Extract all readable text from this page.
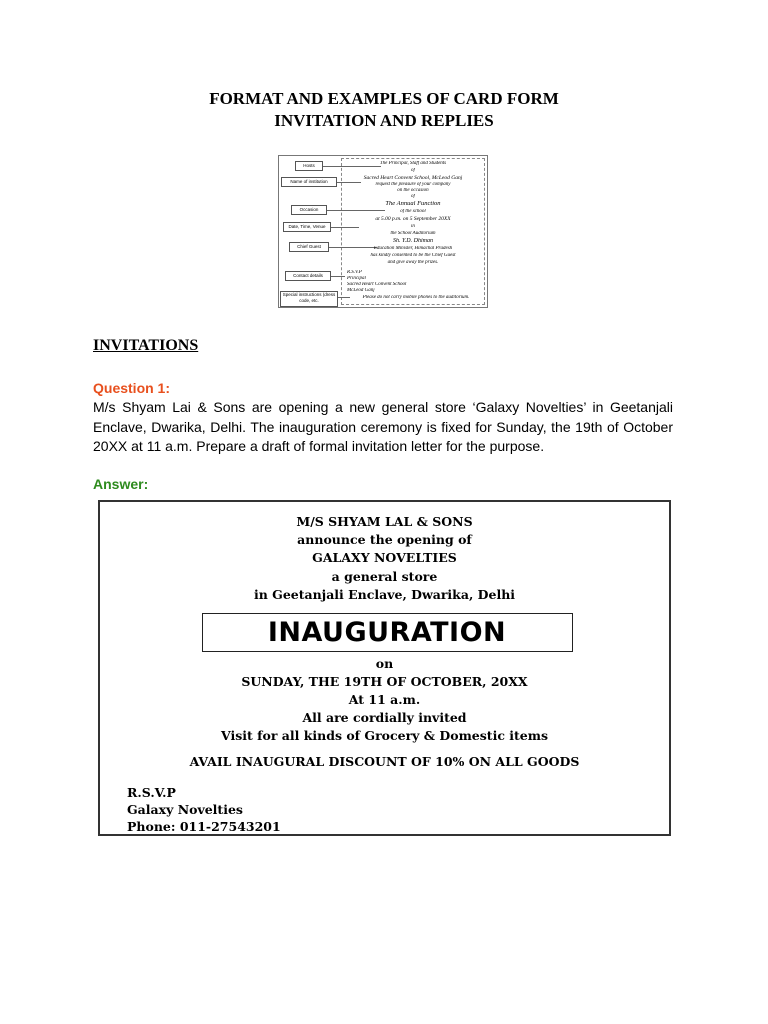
FORMAT AND EXAMPLES OF CARD FORM
INVITATION AND REPLIES
Hosts
Name of institution
Occasion
Date, Time, Venue
Chief Guest
Contact details
Special instructions (dress code, etc.
The Principal, Staff and Students
of
Sacred Heart Convent School, McLeod Ganj
request the pleasure of your company
on the occasion
of
The Annual Function
of the school
at 5.00 p.m. on 5 September 20XX
in
the School Auditorium
Sh. Y.D. Dhiman
Education Minister, Himachal Pradesh
has kindly consented to be the Chief Guest
and give away the prizes.
R.S.V.P
Principal
Sacred Heart Convent School
McLeod Ganj
Please do not carry mobile phones to the auditorium.
INVITATIONS
Question 1:

M/s Shyam Lai & Sons are opening a new general store ‘Galaxy Novelties’ in Geetanjali Enclave, Dwarika, Delhi. The inauguration ceremony is fixed for Sunday, the 19th of October 20XX at 11 a.m. Prepare a draft of formal invitation letter for the purpose.

Answer:
M/S SHYAM LAL & SONS
announce the opening of
GALAXY NOVELTIES
a general store
in Geetanjali Enclave, Dwarika, Delhi
INAUGURATION
on
SUNDAY, THE 19TH OF OCTOBER, 20XX
At 11 a.m.
All are cordially invited
Visit for all kinds of Grocery & Domestic items
AVAIL INAUGURAL DISCOUNT OF 10% ON ALL GOODS
R.S.V.P
Galaxy Novelties
Phone: 011-27543201
